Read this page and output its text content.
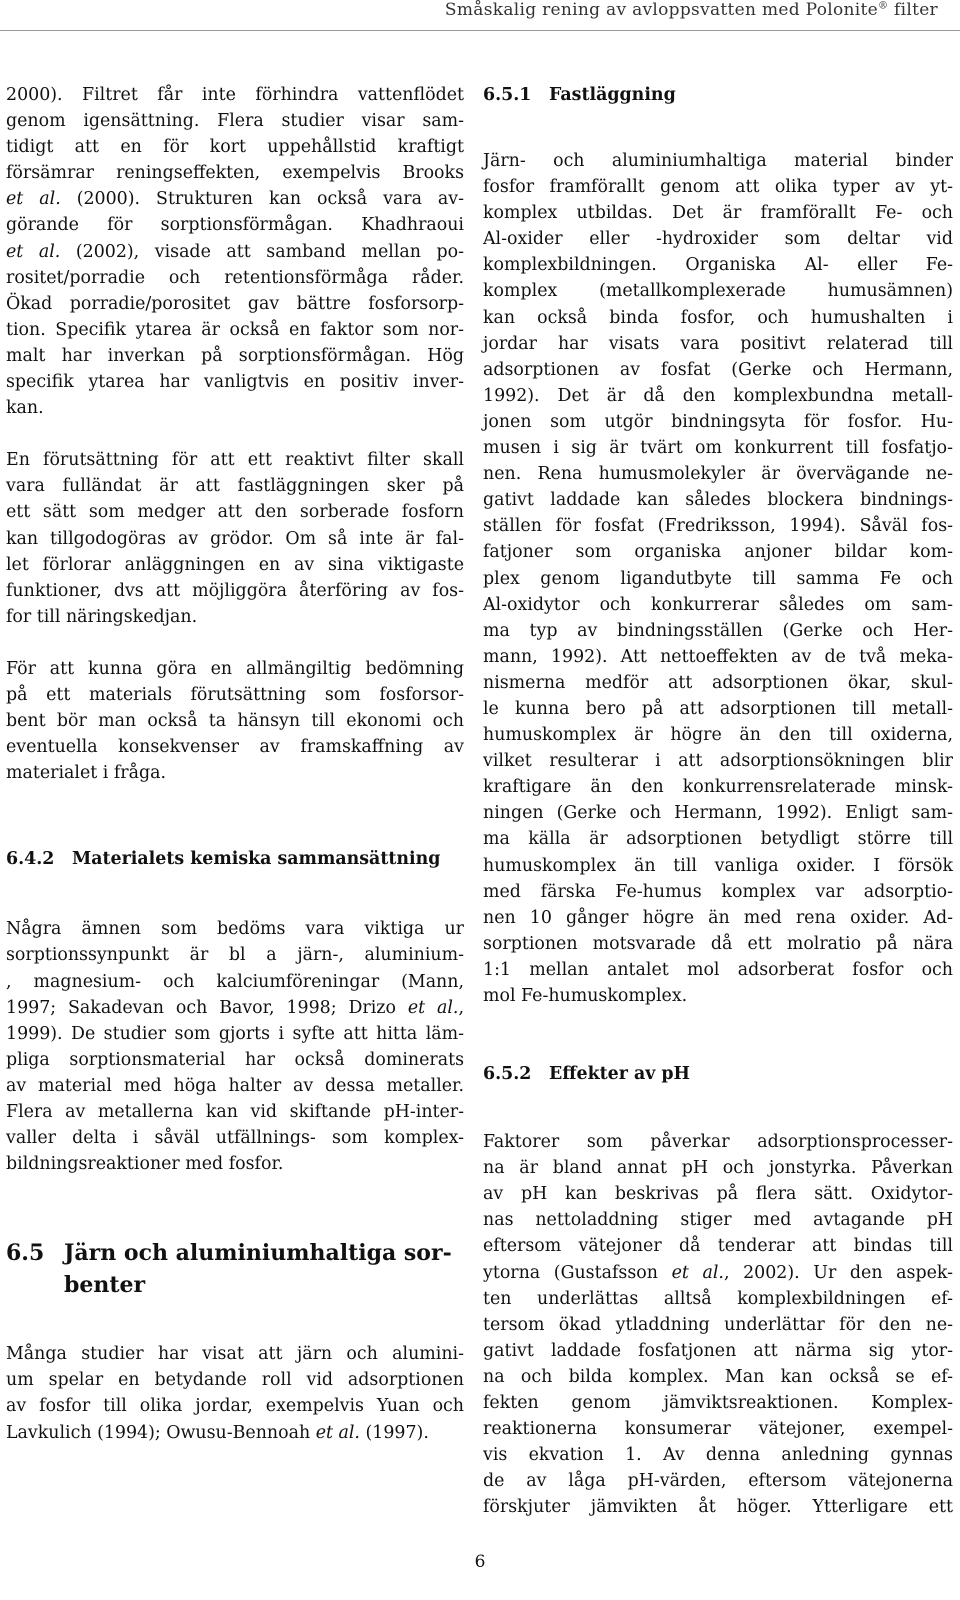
Småskalig rening av avloppsvatten med Polonite® filter
2000). Filtret får inte förhindra vattenflödet
genom igensättning. Flera studier visar sam-
tidigt att en för kort uppehållstid kraftigt
försämrar reningseffekten, exempelvis Brooks
et al. (2000). Strukturen kan också vara av-
görande för sorptionsförmågan. Khadhraoui
et al. (2002), visade att samband mellan po-
rositet/porradie och retentionsförmåga råder.
Ökad porradie/porositet gav bättre fosforsorp-
tion. Specifik ytarea är också en faktor som nor-
malt har inverkan på sorptionsförmågan. Hög
specifik ytarea har vanligtvis en positiv inver-
kan.
En förutsättning för att ett reaktivt filter skall
vara fulländat är att fastläggningen sker på
ett sätt som medger att den sorberade fosforn
kan tillgodogöras av grödor. Om så inte är fal-
let förlorar anläggningen en av sina viktigaste
funktioner, dvs att möjliggöra återföring av fos-
for till näringskedjan.
För att kunna göra en allmängiltig bedömning
på ett materials förutsättning som fosforsor-
bent bör man också ta hänsyn till ekonomi och
eventuella konsekvenser av framskaffning av
materialet i fråga.
6.4.2 Materialets kemiska sammansättning
Några ämnen som bedöms vara viktiga ur
sorptionssynpunkt är bl a järn-, aluminium-
, magnesium- och kalciumföreningar (Mann,
1997; Sakadevan och Bavor, 1998; Drizo et al.,
1999). De studier som gjorts i syfte att hitta läm-
pliga sorptionsmaterial har också dominerats
av material med höga halter av dessa metaller.
Flera av metallerna kan vid skiftande pH-inter-
valler delta i såväl utfällnings- som komplex-
bildningsreaktioner med fosfor.
6.5 Järn och aluminiumhaltiga sor-
benter
Många studier har visat att järn och alumini-
um spelar en betydande roll vid adsorptionen
av fosfor till olika jordar, exempelvis Yuan och
Lavkulich (1994); Owusu-Bennoah et al. (1997).
6.5.1 Fastläggning
Järn- och aluminiumhaltiga material binder
fosfor framförallt genom att olika typer av yt-
komplex utbildas. Det är framförallt Fe- och
Al-oxider eller -hydroxider som deltar vid
komplexbildningen. Organiska Al- eller Fe-
komplex (metallkomplexerade humusämnen)
kan också binda fosfor, och humushalten i
jordar har visats vara positivt relaterad till
adsorptionen av fosfat (Gerke och Hermann,
1992). Det är då den komplexbundna metall-
jonen som utgör bindningsyta för fosfor. Hu-
musen i sig är tvärt om konkurrent till fosfatjo-
nen. Rena humusmolekyler är övervägande ne-
gativt laddade kan således blockera bindnings-
ställen för fosfat (Fredriksson, 1994). Såväl fos-
fatjoner som organiska anjoner bildar kom-
plex genom ligandutbyte till samma Fe och
Al-oxidytor och konkurrerar således om sam-
ma typ av bindningsställen (Gerke och Her-
mann, 1992). Att nettoeffekten av de två meka-
nismerna medför att adsorptionen ökar, skul-
le kunna bero på att adsorptionen till metall-
humuskomplex är högre än den till oxiderna,
vilket resulterar i att adsorptionsökningen blir
kraftigare än den konkurrensrelaterade minsk-
ningen (Gerke och Hermann, 1992). Enligt sam-
ma källa är adsorptionen betydligt större till
humuskomplex än till vanliga oxider. I försök
med färska Fe-humus komplex var adsorptio-
nen 10 gånger högre än med rena oxider. Ad-
sorptionen motsvarade då ett molratio på nära
1:1 mellan antalet mol adsorberat fosfor och
mol Fe-humuskomplex.
6.5.2 Effekter av pH
Faktorer som påverkar adsorptionsprocesser-
na är bland annat pH och jonstyrka. Påverkan
av pH kan beskrivas på flera sätt. Oxidytor-
nas nettoladdning stiger med avtagande pH
eftersom vätejoner då tenderar att bindas till
ytorna (Gustafsson et al., 2002). Ur den aspek-
ten underlättas alltså komplexbildningen ef-
tersom ökad ytladdning underlättar för den ne-
gativt laddade fosfatjonen att närma sig ytor-
na och bilda komplex. Man kan också se ef-
fekten genom jämviktsreaktionen. Komplex-
reaktionerna konsumerar vätejoner, exempel-
vis ekvation 1. Av denna anledning gynnas
de av låga pH-värden, eftersom vätejonerna
förskjuter jämvikten åt höger. Ytterligare ett
6
